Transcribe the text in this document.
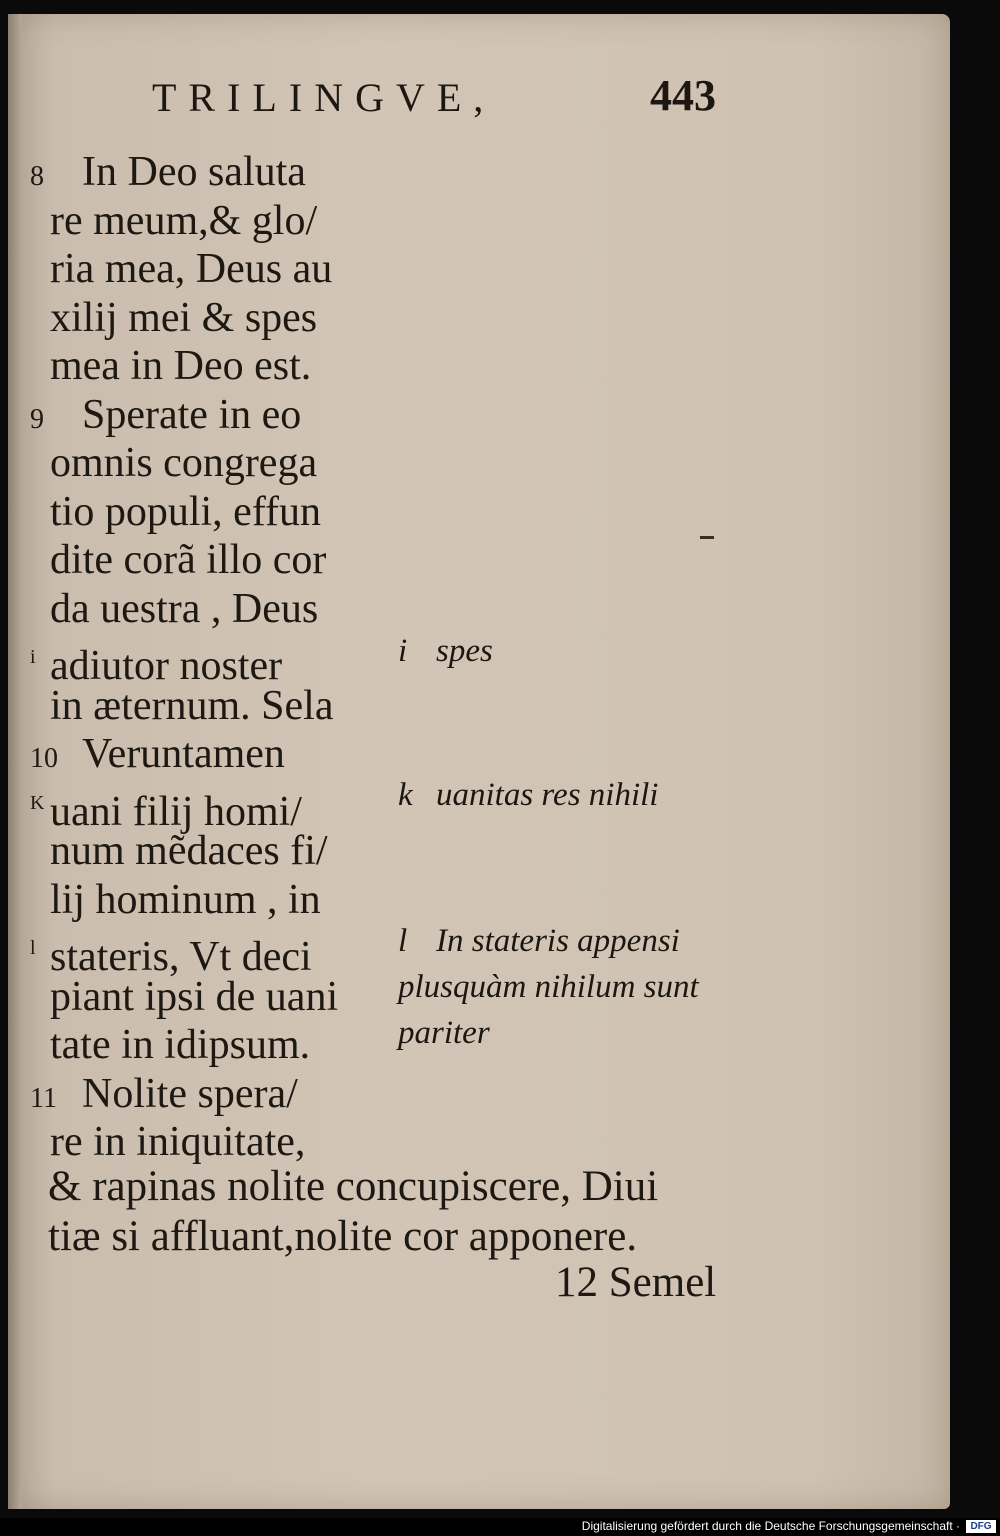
TRILINGVE,	443
8 In Deo saluta
re meum,& glo/
ria mea, Deus au
xilij mei & spes
mea in Deo est.
9 Sperate in eo
omnis congrega
tio populi, effun
dite corã illo cor
da uestra , Deus
i adiutor noster
in æternum. Sela
10 Veruntamen
K uani filij homi/
num mẽdaces fi/
lij hominum , in
l stateris, Vt deci
piant ipsi de uani
tate in idipsum.
11 Nolite spera/
re in iniquitate,
i spes
k uanitas res nihili
l In stateris appensi
plusquàm nihilum sunt
pariter
& rapinas nolite concupiscere, Diui
tiæ si affluant,nolite cor apponere.
12 Semel
Digitalisierung gefördert durch die Deutsche Forschungsgemeinschaft ·	DFG
